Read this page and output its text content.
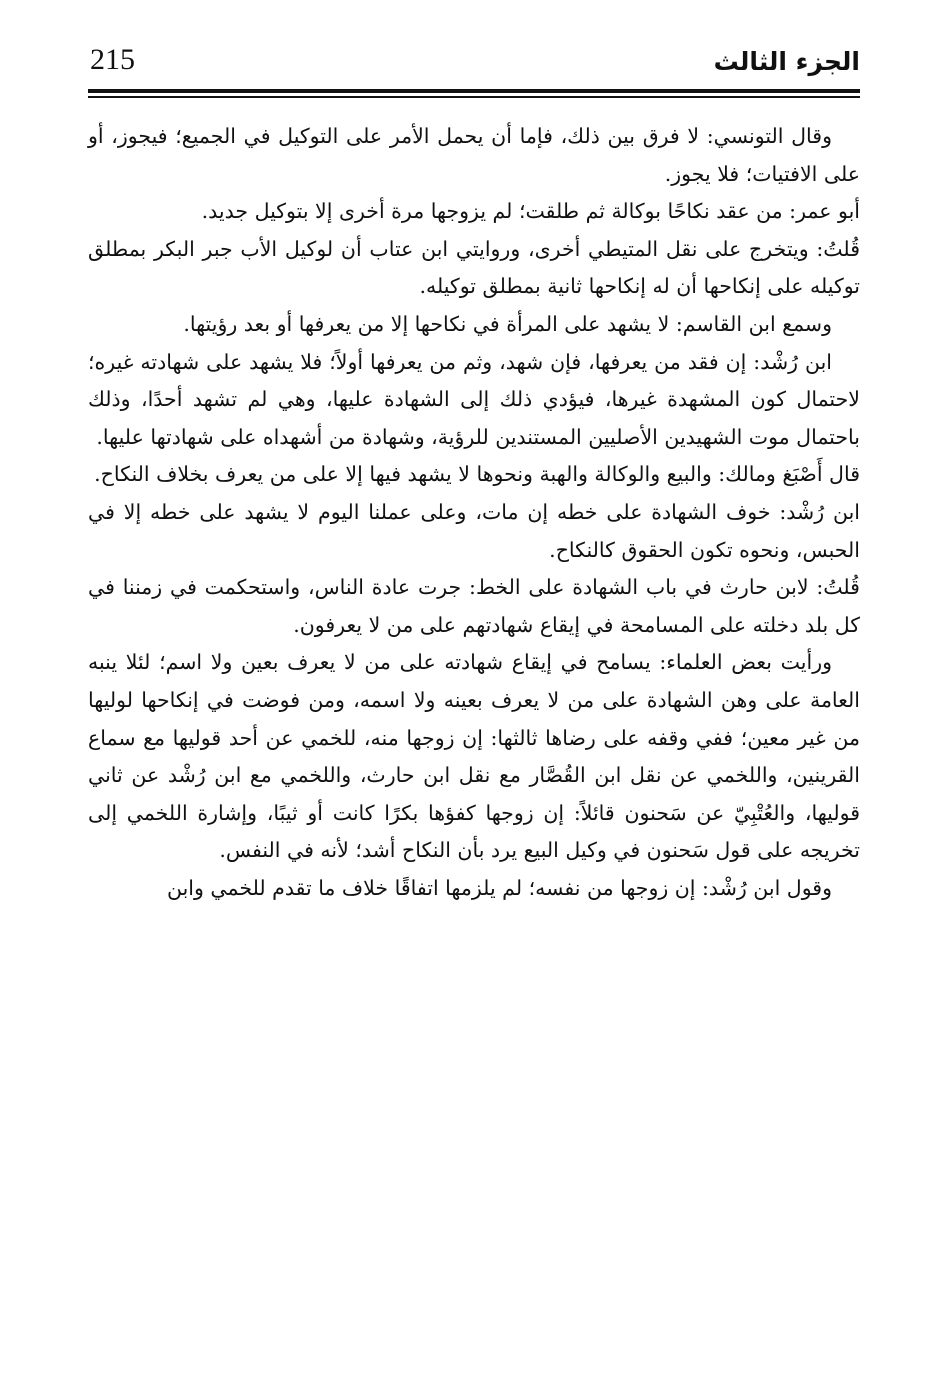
215	الجزء الثالث

وقال التونسي: لا فرق بين ذلك، فإما أن يحمل الأمر على التوكيل في الجميع؛ فيجوز، أو على الافتيات؛ فلا يجوز.

أبو عمر: من عقد نكاحًا بوكالة ثم طلقت؛ لم يزوجها مرة أخرى إلا بتوكيل جديد.

قُلتُ: ويتخرج على نقل المتيطي أخرى، وروايتي ابن عتاب أن لوكيل الأب جبر البكر بمطلق توكيله على إنكاحها أن له إنكاحها ثانية بمطلق توكيله.

وسمع ابن القاسم: لا يشهد على المرأة في نكاحها إلا من يعرفها أو بعد رؤيتها.

ابن رُشْد: إن فقد من يعرفها، فإن شهد، وثم من يعرفها أولاً؛ فلا يشهد على شهادته غيره؛ لاحتمال كون المشهدة غيرها، فيؤدي ذلك إلى الشهادة عليها، وهي لم تشهد أحدًا، وذلك باحتمال موت الشهيدين الأصليين المستندين للرؤية، وشهادة من أشهداه على شهادتها عليها.

قال أَصْبَغ ومالك: والبيع والوكالة والهبة ونحوها لا يشهد فيها إلا على من يعرف بخلاف النكاح.

ابن رُشْد: خوف الشهادة على خطه إن مات، وعلى عملنا اليوم لا يشهد على خطه إلا في الحبس، ونحوه تكون الحقوق كالنكاح.

قُلتُ: لابن حارث في باب الشهادة على الخط: جرت عادة الناس، واستحكمت في زمننا في كل بلد دخلته على المسامحة في إيقاع شهادتهم على من لا يعرفون.

ورأيت بعض العلماء: يسامح في إيقاع شهادته على من لا يعرف بعين ولا اسم؛ لئلا ينبه العامة على وهن الشهادة على من لا يعرف بعينه ولا اسمه، ومن فوضت في إنكاحها لوليها من غير معين؛ ففي وقفه على رضاها ثالثها: إن زوجها منه، للخمي عن أحد قوليها مع سماع القرينين، واللخمي عن نقل ابن القُصَّار مع نقل ابن حارث، واللخمي مع ابن رُشْد عن ثاني قوليها، والعُتْبِيّ عن سَحنون قائلاً: إن زوجها كفؤها بكرًا كانت أو ثيبًا، وإشارة اللخمي إلى تخريجه على قول سَحنون في وكيل البيع يرد بأن النكاح أشد؛ لأنه في النفس.

وقول ابن رُشْد: إن زوجها من نفسه؛ لم يلزمها اتفاقًا خلاف ما تقدم للخمي وابن
